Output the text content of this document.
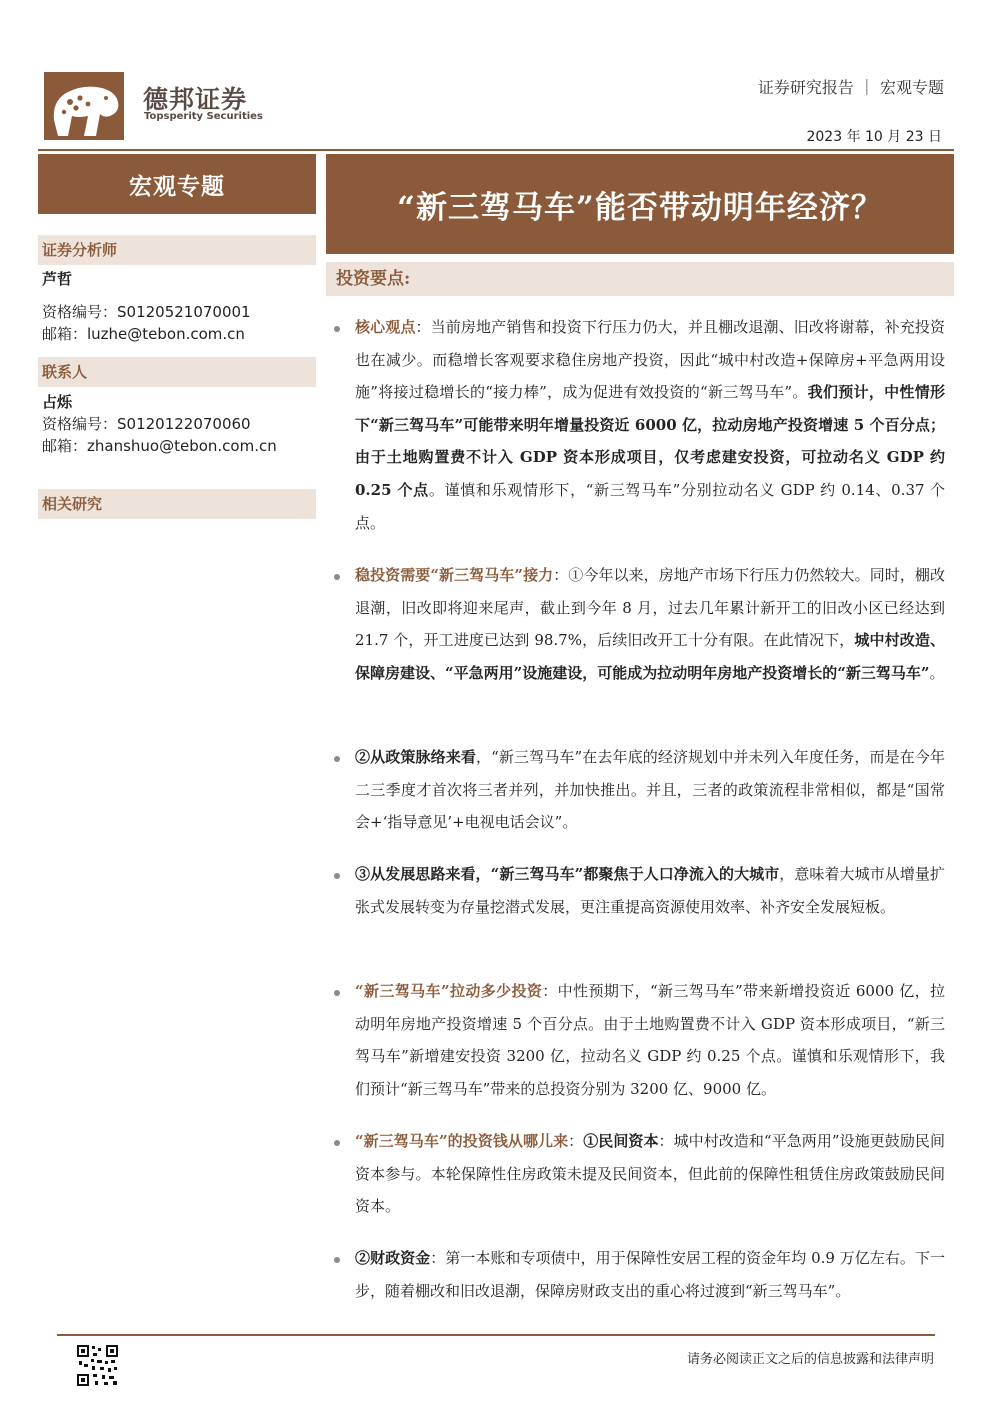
德邦证券
Topsperity Securities
证券研究报告 ｜ 宏观专题
2023 年 10 月 23 日
宏观专题
证券分析师
芦哲
资格编号：S0120521070001
邮箱：luzhe@tebon.com.cn
联系人
占烁
资格编号：S0120122070060
邮箱：zhanshuo@tebon.com.cn
相关研究
“新三驾马车”能否带动明年经济？
投资要点:
核心观点：当前房地产销售和投资下行压力仍大，并且棚改退潮、旧改将谢幕，补充投资也在减少。而稳增长客观要求稳住房地产投资，因此“城中村改造+保障房+平急两用设施”将接过稳增长的“接力棒”，成为促进有效投资的“新三驾马车”。我们预计，中性情形下“新三驾马车”可能带来明年增量投资近 6000 亿，拉动房地产投资增速 5 个百分点；由于土地购置费不计入 GDP 资本形成项目，仅考虑建安投资，可拉动名义 GDP 约 0.25 个点。谨慎和乐观情形下，“新三驾马车”分别拉动名义 GDP 约 0.14、0.37 个点。
稳投资需要“新三驾马车”接力：①今年以来，房地产市场下行压力仍然较大。同时，棚改退潮，旧改即将迎来尾声，截止到今年 8 月，过去几年累计新开工的旧改小区已经达到 21.7 个，开工进度已达到 98.7%，后续旧改开工十分有限。在此情况下，城中村改造、保障房建设、“平急两用”设施建设，可能成为拉动明年房地产投资增长的“新三驾马车”。
②从政策脉络来看，“新三驾马车”在去年底的经济规划中并未列入年度任务，而是在今年二三季度才首次将三者并列，并加快推出。并且，三者的政策流程非常相似，都是“国常会+‘指导意见’+电视电话会议”。
③从发展思路来看，“新三驾马车”都聚焦于人口净流入的大城市，意味着大城市从增量扩张式发展转变为存量挖潜式发展，更注重提高资源使用效率、补齐安全发展短板。
“新三驾马车”拉动多少投资：中性预期下，“新三驾马车”带来新增投资近 6000 亿，拉动明年房地产投资增速 5 个百分点。由于土地购置费不计入 GDP 资本形成项目，“新三驾马车”新增建安投资 3200 亿，拉动名义 GDP 约 0.25 个点。谨慎和乐观情形下，我们预计“新三驾马车”带来的总投资分别为 3200 亿、9000 亿。
“新三驾马车”的投资钱从哪儿来：①民间资本：城中村改造和“平急两用”设施更鼓励民间资本参与。本轮保障性住房政策未提及民间资本，但此前的保障性租赁住房政策鼓励民间资本。
②财政资金：第一本账和专项债中，用于保障性安居工程的资金年均 0.9 万亿左右。下一步，随着棚改和旧改退潮，保障房财政支出的重心将过渡到“新三驾马车”。
请务必阅读正文之后的信息披露和法律声明
